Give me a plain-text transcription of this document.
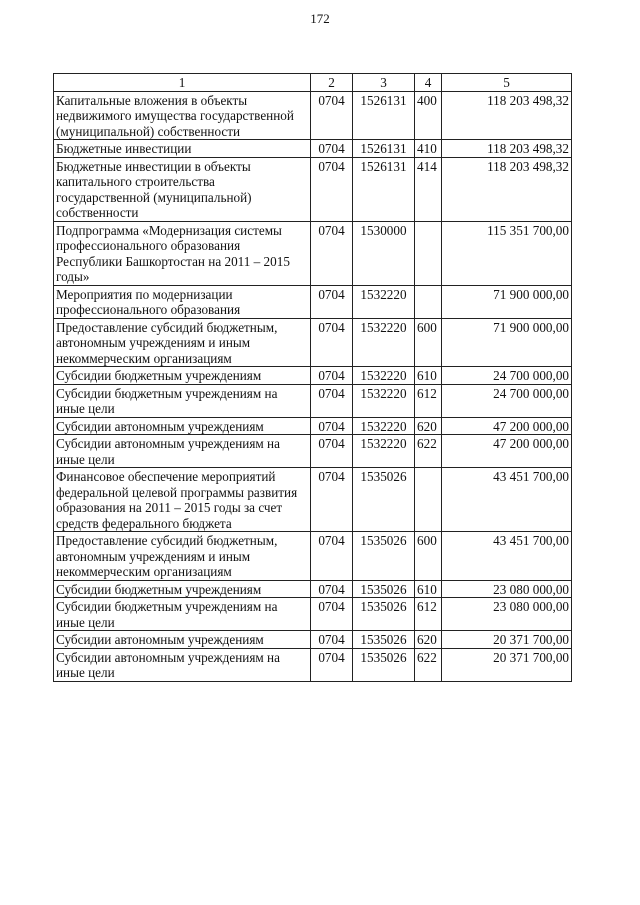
172
1	2	3	4	5
Капитальные вложения в объекты недвижимого имущества государственной (муниципальной) собственности	0704	1526131	400	118 203 498,32
Бюджетные инвестиции	0704	1526131	410	118 203 498,32
Бюджетные инвестиции в объекты капитального строительства государственной (муниципальной) собственности	0704	1526131	414	118 203 498,32
Подпрограмма «Модернизация системы профессионального образования Республики Башкортостан на 2011 – 2015 годы»	0704	1530000		115 351 700,00
Мероприятия по модернизации профессионального образования	0704	1532220		71 900 000,00
Предоставление субсидий бюджетным, автономным учреждениям и иным некоммерческим организациям	0704	1532220	600	71 900 000,00
Субсидии бюджетным учреждениям	0704	1532220	610	24 700 000,00
Субсидии бюджетным учреждениям на иные цели	0704	1532220	612	24 700 000,00
Субсидии автономным учреждениям	0704	1532220	620	47 200 000,00
Субсидии автономным учреждениям на иные цели	0704	1532220	622	47 200 000,00
Финансовое обеспечение мероприятий федеральной целевой программы развития образования на 2011 – 2015 годы за счет средств федерального бюджета	0704	1535026		43 451 700,00
Предоставление субсидий бюджетным, автономным учреждениям и иным некоммерческим организациям	0704	1535026	600	43 451 700,00
Субсидии бюджетным учреждениям	0704	1535026	610	23 080 000,00
Субсидии бюджетным учреждениям на иные цели	0704	1535026	612	23 080 000,00
Субсидии автономным учреждениям	0704	1535026	620	20 371 700,00
Субсидии автономным учреждениям на иные цели	0704	1535026	622	20 371 700,00
